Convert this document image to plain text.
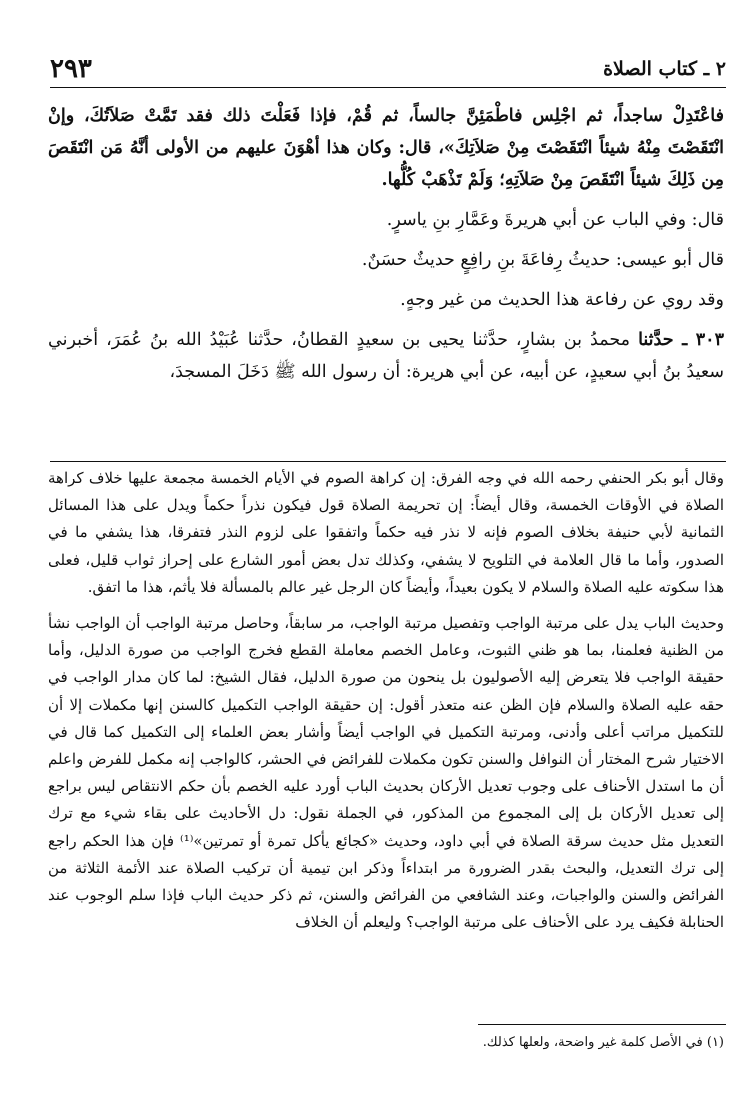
٢ ـ كتاب الصلاة
٢٩٣

فاعْتَدِلْ ساجداً، ثم اجْلِس فاطْمَئِنَّ جالساً، ثم قُمْ، فإذا فَعَلْتَ ذلك فقد تَمَّتْ صَلاَتُكَ، وإنْ انْتَقَصْتَ مِنْهُ شيئاً انْتَقَصْتَ مِنْ صَلاَتِكَ»، قال: وكان هذا أهْوَنَ عليهم من الأولى أنَّهُ مَن انْتَقَصَ مِن ذَلِكَ شيئاً انْتَقَصَ مِنْ صَلاَتِهِ؛ وَلَمْ تَذْهَبْ كُلُّها.

قال: وفي الباب عن أبي هريرةَ وعَمَّارِ بنِ ياسرٍ.

قال أبو عيسى: حديثُ رِفاعَةَ بنِ رافِعٍ حديثٌ حسَنٌ.

وقد روي عن رفاعة هذا الحديث من غير وجهٍ.

٣٠٣ ـ حدَّثنا محمدُ بن بشارٍ، حدَّثنا يحيى بن سعيدٍ القطانُ، حدَّثنا عُبَيْدُ الله بنُ عُمَرَ، أخبرني سعيدُ بنُ أبي سعيدٍ، عن أبيه، عن أبي هريرة: أن رسول الله ﷺ دَخَلَ المسجدَ،

وقال أبو بكر الحنفي رحمه الله في وجه الفرق: إن كراهة الصوم في الأيام الخمسة مجمعة عليها خلاف كراهة الصلاة في الأوقات الخمسة، وقال أيضاً: إن تحريمة الصلاة قول فيكون نذراً حكماً ويدل على هذا المسائل الثمانية لأبي حنيفة بخلاف الصوم فإنه لا نذر فيه حكماً واتفقوا على لزوم النذر فتفرقا، هذا يشفي ما في الصدور، وأما ما قال العلامة في التلويح لا يشفي، وكذلك تدل بعض أمور الشارع على إحراز ثواب قليل، فعلى هذا سكوته عليه الصلاة والسلام لا يكون بعيداً، وأيضاً كان الرجل غير عالم بالمسألة فلا يأثم، هذا ما اتفق.

وحديث الباب يدل على مرتبة الواجب وتفصيل مرتبة الواجب، مر سابقاً، وحاصل مرتبة الواجب أن الواجب نشأ من الظنية فعلمنا، بما هو ظني الثبوت، وعامل الخصم معاملة القطع فخرج الواجب من صورة الدليل، وأما حقيقة الواجب فلا يتعرض إليه الأصوليون بل ينحون من صورة الدليل، فقال الشيخ: لما كان مدار الواجب في حقه عليه الصلاة والسلام فإن الظن عنه متعذر أقول: إن حقيقة الواجب التكميل كالسنن إنها مكملات إلا أن للتكميل مراتب أعلى وأدنى، ومرتبة التكميل في الواجب أيضاً وأشار بعض العلماء إلى التكميل كما قال في الاختيار شرح المختار أن النوافل والسنن تكون مكملات للفرائض في الحشر، كالواجب إنه مكمل للفرض واعلم أن ما استدل الأحناف على وجوب تعديل الأركان بحديث الباب أورد عليه الخصم بأن حكم الانتقاص ليس براجع إلى تعديل الأركان بل إلى المجموع من المذكور، في الجملة نقول: دل الأحاديث على بقاء شيء مع ترك التعديل مثل حديث سرقة الصلاة في أبي داود، وحديث «كجائع يأكل تمرة أو تمرتين»⁽¹⁾ فإن هذا الحكم راجع إلى ترك التعديل، والبحث بقدر الضرورة مر ابتداءاً وذكر ابن تيمية أن تركيب الصلاة عند الأئمة الثلاثة من الفرائض والسنن والواجبات، وعند الشافعي من الفرائض والسنن، ثم ذكر حديث الباب فإذا سلم الوجوب عند الحنابلة فكيف يرد على الأحناف على مرتبة الواجب؟ وليعلم أن الخلاف

(١) في الأصل كلمة غير واضحة، ولعلها كذلك.
